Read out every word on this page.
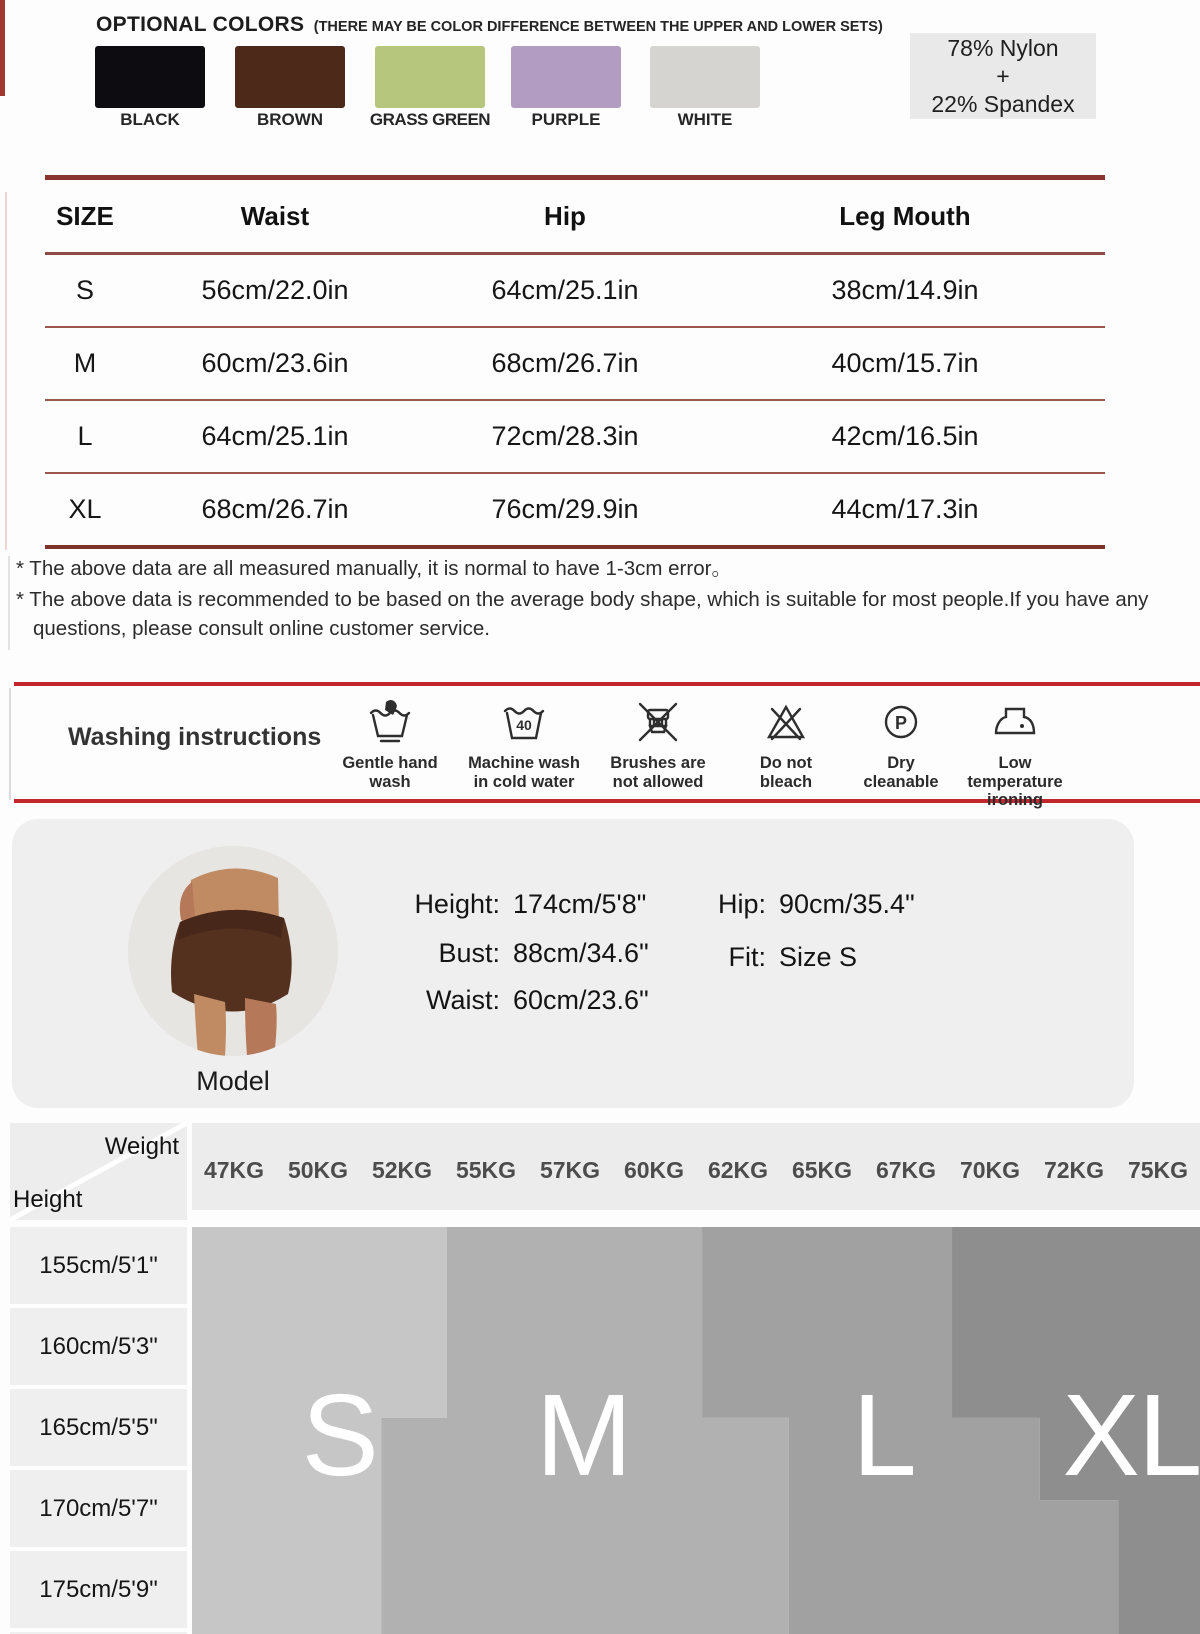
OPTIONAL COLORS (THERE MAY BE COLOR DIFFERENCE BETWEEN THE UPPER AND LOWER SETS)
BLACK	BROWN	GRASS GREEN	PURPLE	WHITE
78% Nylon
+
22% Spandex
SIZE	Waist	Hip	Leg Mouth
S	56cm/22.0in	64cm/25.1in	38cm/14.9in
M	60cm/23.6in	68cm/26.7in	40cm/15.7in
L	64cm/25.1in	72cm/28.3in	42cm/16.5in
XL	68cm/26.7in	76cm/29.9in	44cm/17.3in
* The above data are all measured manually, it is normal to have 1-3cm error。
* The above data is recommended to be based on the average body shape, which is suitable for most people.If you have any
questions, please consult online customer service.
Washing instructions
Gentle hand
wash
40
Machine wash
in cold water
Brushes are
not allowed
Do not
bleach
P
Dry
cleanable
Low temperature
ironing
Model
Height: 174cm/5'8"
Bust: 88cm/34.6"
Waist: 60cm/23.6"
Hip: 90cm/35.4"
Fit: Size S
Weight
Height
47KG 50KG 52KG 55KG 57KG 60KG 62KG 65KG 67KG 70KG 72KG 75KG
155cm/5'1"
160cm/5'3"
165cm/5'5"
170cm/5'7"
175cm/5'9"
S M L XL
